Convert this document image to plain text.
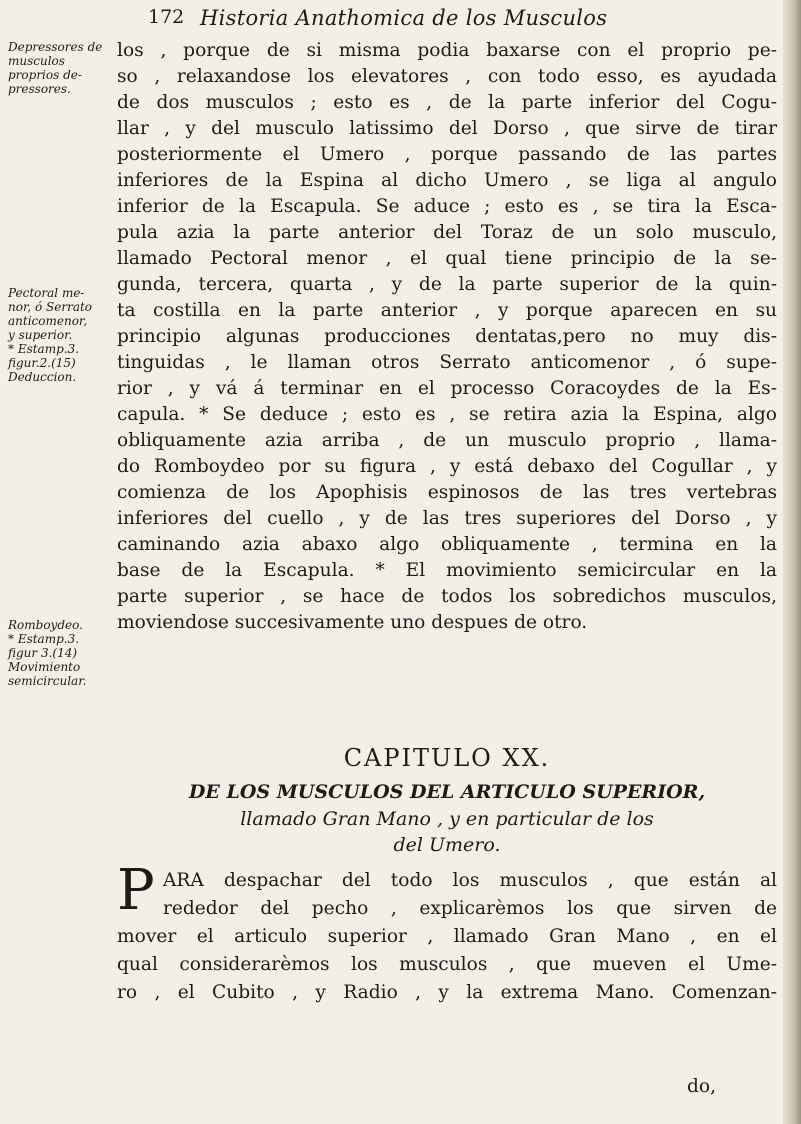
172 Historia Anathomica de los Musculos
Depressores de
musculos
proprios de-
pressores.
Pectoral me-
nor, ó Serrato
anticomenor,
y superior.
* Estamp.3.
figur.2.(15)
Deduccion.
Romboydeo.
* Estamp.3.
figur 3.(14)
Movimiento
semicircular.
los , porque de si misma podia baxarse con el proprio pe-
so , relaxandose los elevatores , con todo esso, es ayudada
de dos musculos ; esto es , de la parte inferior del Cogu-
llar , y del musculo latissimo del Dorso , que sirve de tirar
posteriormente el Umero , porque passando de las partes
inferiores de la Espina al dicho Umero , se liga al angulo
inferior de la Escapula. Se aduce ; esto es , se tira la Esca-
pula azia la parte anterior del Toraz de un solo musculo,
llamado Pectoral menor , el qual tiene principio de la se-
gunda, tercera, quarta , y de la parte superior de la quin-
ta costilla en la parte anterior , y porque aparecen en su
principio algunas producciones dentatas,pero no muy dis-
tinguidas , le llaman otros Serrato anticomenor , ó supe-
rior , y vá á terminar en el processo Coracoydes de la Es-
capula. * Se deduce ; esto es , se retira azia la Espina, algo
obliquamente azia arriba , de un musculo proprio , llama-
do Romboydeo por su figura , y está debaxo del Cogullar , y
comienza de los Apophisis espinosos de las tres vertebras
inferiores del cuello , y de las tres superiores del Dorso , y
caminando azia abaxo algo obliquamente , termina en la
base de la Escapula. * El movimiento semicircular en la
parte superior , se hace de todos los sobredichos musculos,
moviendose succesivamente uno despues de otro.
CAPITULO XX.
DE LOS MUSCULOS DEL ARTICULO SUPERIOR,
llamado Gran Mano , y en particular de los
del Umero.
P ARA despachar del todo los musculos , que están al
rededor del pecho , explicarèmos los que sirven de
mover el articulo superior , llamado Gran Mano , en el
qual considerarèmos los musculos , que mueven el Ume-
ro , el Cubito , y Radio , y la extrema Mano. Comenzan-
do,
